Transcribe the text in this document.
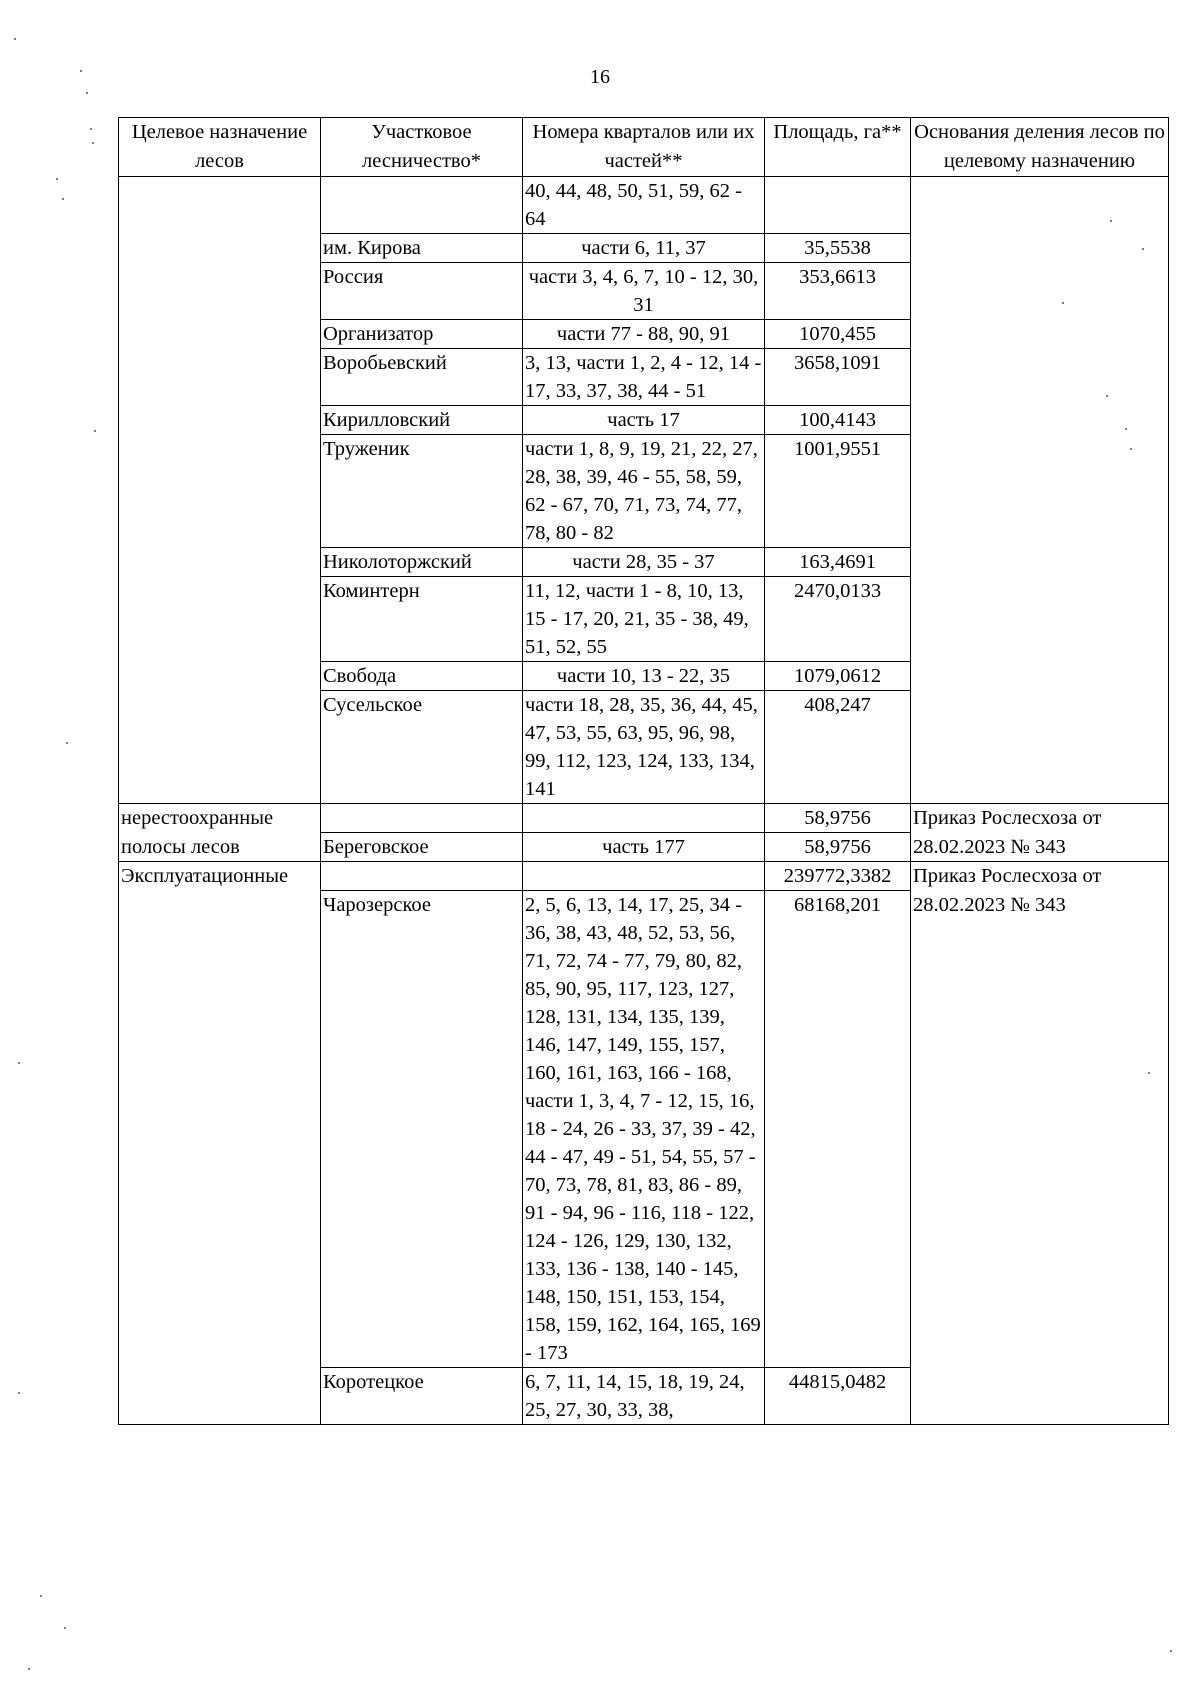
16
Целевое назначение лесов	Участковое лесничество*	Номера кварталов или их частей**	Площадь, га**	Основания деления лесов по целевому назначению
		40, 44, 48, 50, 51, 59, 62 - 64		
	им. Кирова	части 6, 11, 37	35,5538	
	Россия	части 3, 4, 6, 7, 10 - 12, 30, 31	353,6613	
	Организатор	части 77 - 88, 90, 91	1070,455	
	Воробьевский	3, 13, части 1, 2, 4 - 12, 14 - 17, 33, 37, 38, 44 - 51	3658,1091	
	Кирилловский	часть 17	100,4143	
	Труженик	части 1, 8, 9, 19, 21, 22, 27, 28, 38, 39, 46 - 55, 58, 59, 62 - 67, 70, 71, 73, 74, 77, 78, 80 - 82	1001,9551	
	Николоторжский	части 28, 35 - 37	163,4691	
	Коминтерн	11, 12, части 1 - 8, 10, 13, 15 - 17, 20, 21, 35 - 38, 49, 51, 52, 55	2470,0133	
	Свобода	части 10, 13 - 22, 35	1079,0612	
	Сусельское	части 18, 28, 35, 36, 44, 45, 47, 53, 55, 63, 95, 96, 98, 99, 112, 123, 124, 133, 134, 141	408,247	
нерестоохранные			58,9756	Приказ Рослесхоза от
полосы лесов	Береговское	часть 177	58,9756	28.02.2023 № 343
Эксплуатационные			239772,3382	Приказ Рослесхоза от
	Чарозерское	2, 5, 6, 13, 14, 17, 25, 34 - 36, 38, 43, 48, 52, 53, 56, 71, 72, 74 - 77, 79, 80, 82, 85, 90, 95, 117, 123, 127, 128, 131, 134, 135, 139, 146, 147, 149, 155, 157, 160, 161, 163, 166 - 168, части 1, 3, 4, 7 - 12, 15, 16, 18 - 24, 26 - 33, 37, 39 - 42, 44 - 47, 49 - 51, 54, 55, 57 - 70, 73, 78, 81, 83, 86 - 89, 91 - 94, 96 - 116, 118 - 122, 124 - 126, 129, 130, 132, 133, 136 - 138, 140 - 145, 148, 150, 151, 153, 154, 158, 159, 162, 164, 165, 169 - 173	68168,201	28.02.2023 № 343
	Коротецкое	6, 7, 11, 14, 15, 18, 19, 24, 25, 27, 30, 33, 38,	44815,0482	
